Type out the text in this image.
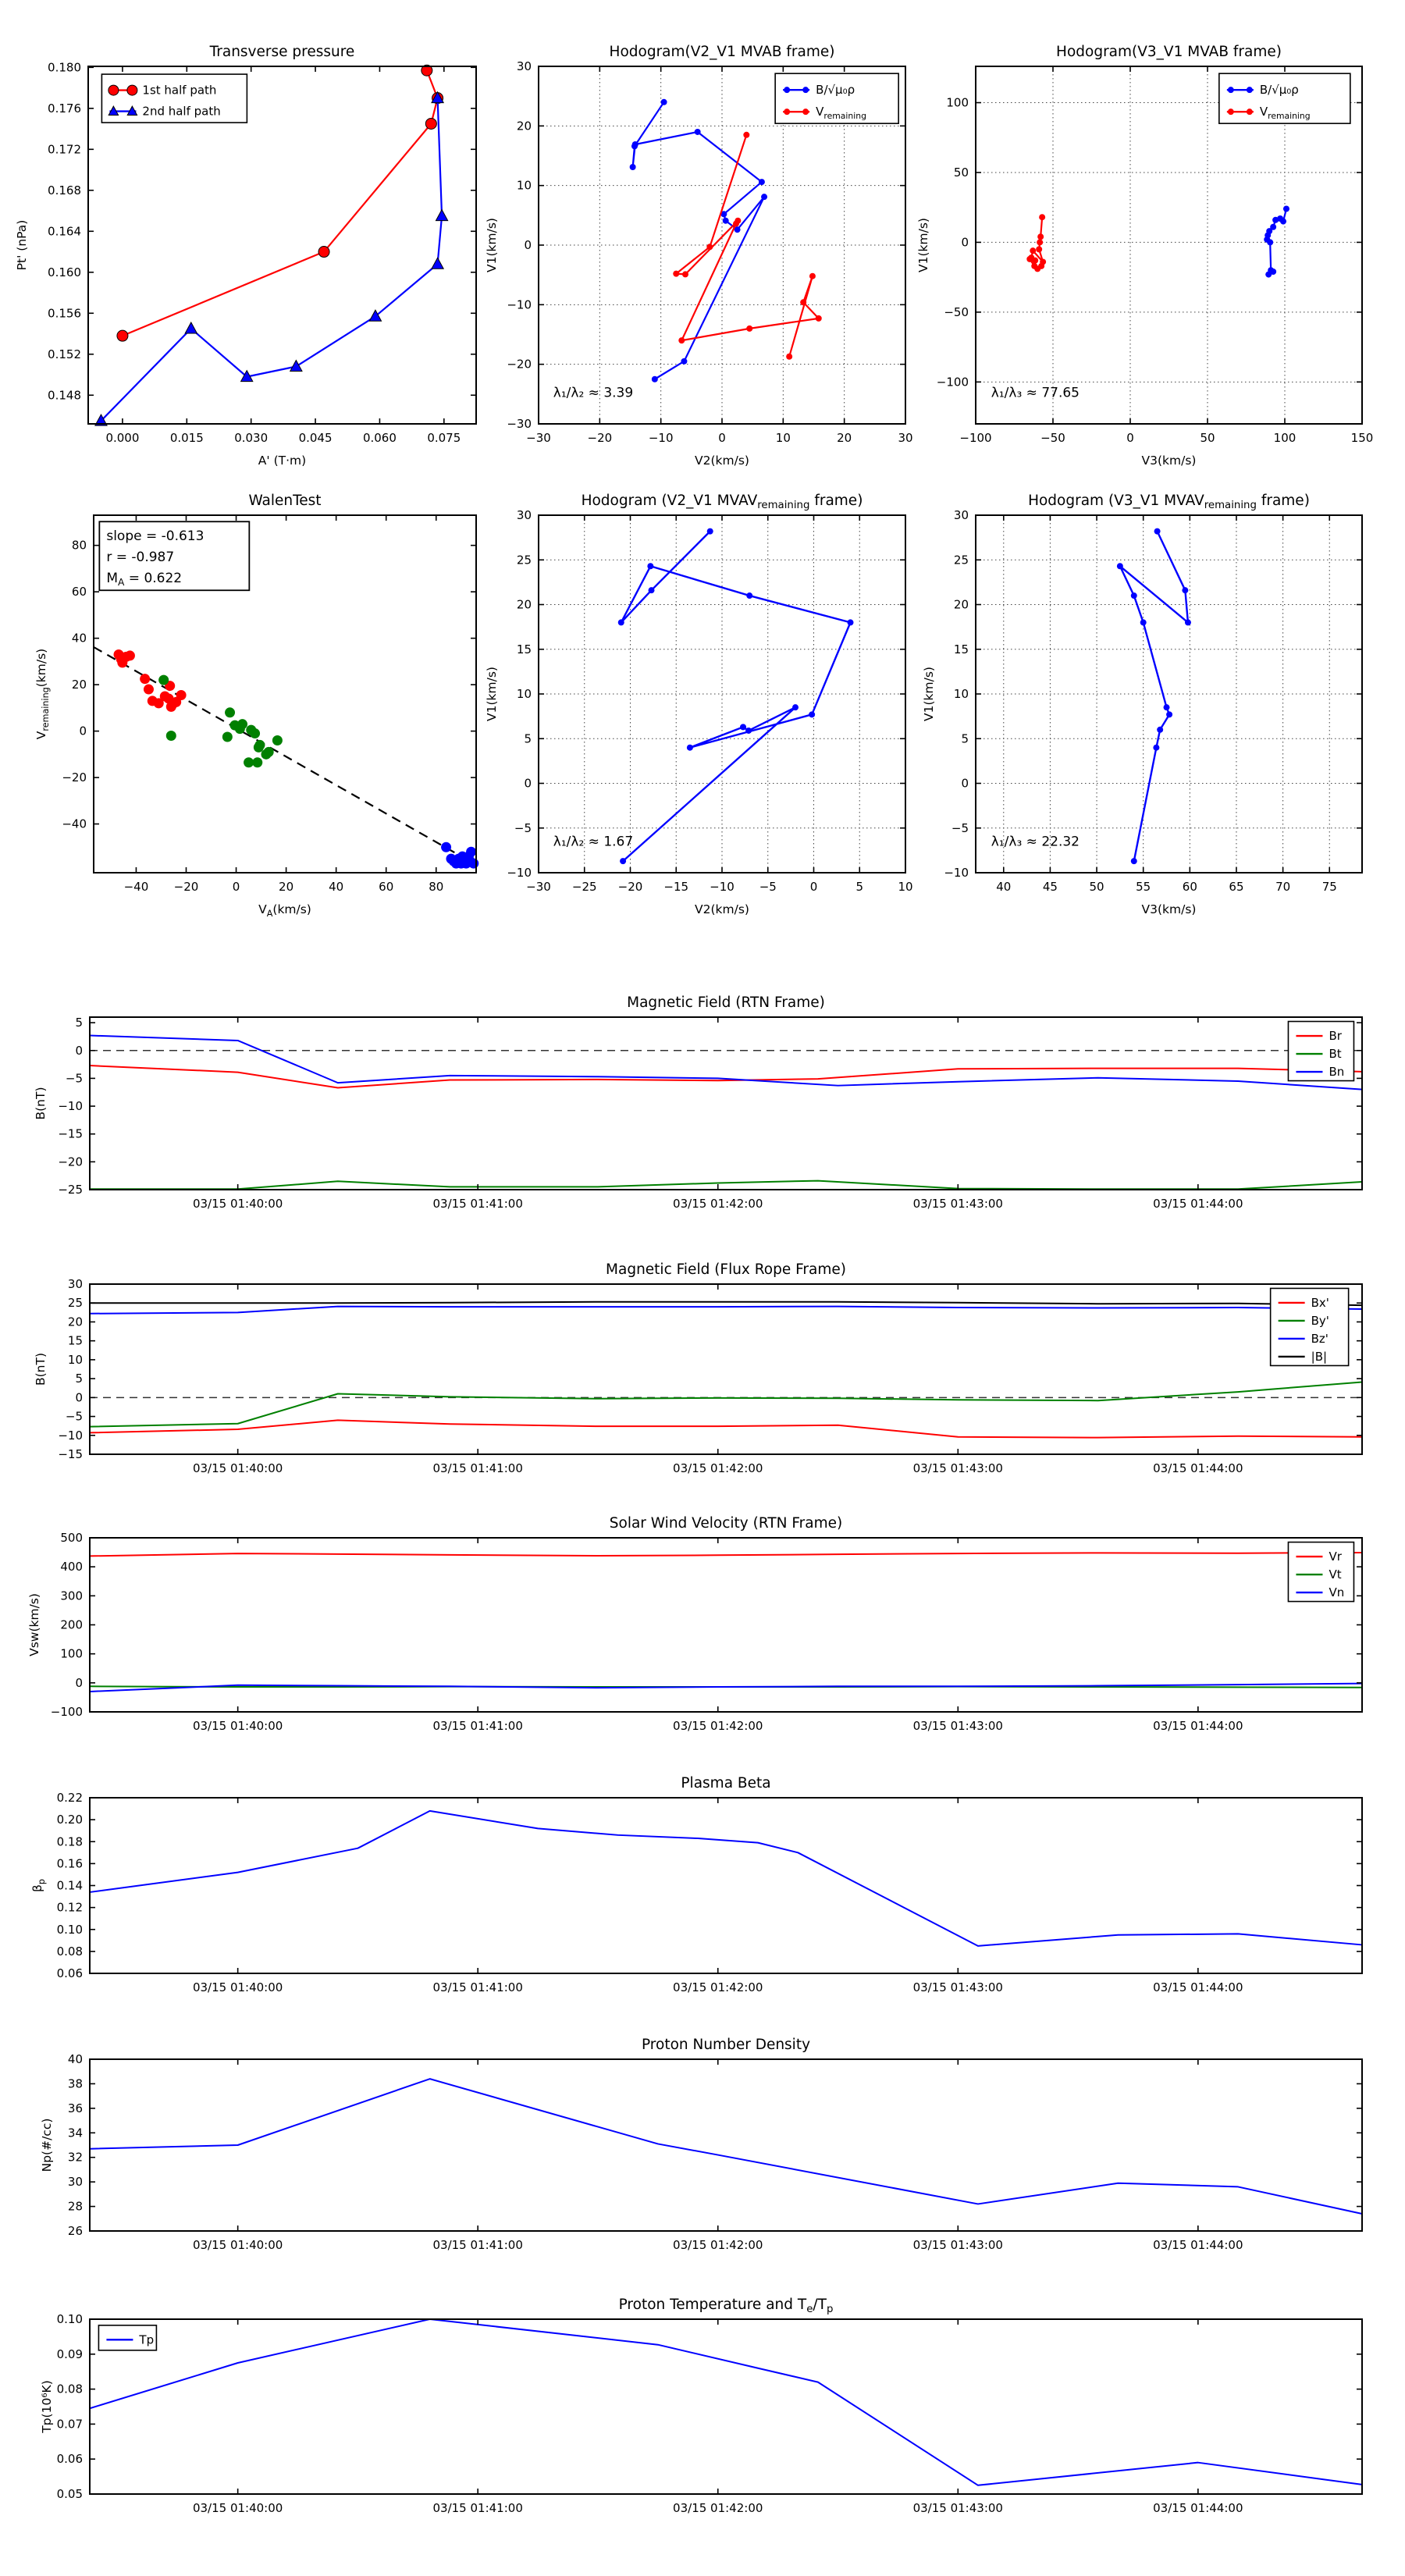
0.000	0.015	0.030	0.045	0.060	0.075
0.148
0.152
0.156
0.160
0.164
0.168
0.172
0.176
0.180
Transverse pressure
A' (T·m)
Pt' (nPa)
1st half path
2nd half path
−30	−20	−10	0	10	20	30
−30
−20
−10
0
10
20
30
Hodogram(V2_V1 MVAB frame)
V2(km/s)
V1(km/s)
B/√μ₀ρ
$V_{remaining}$
λ₁/λ₂ ≈ 3.39
−100	−50	0	50	100	150
−100
−50
0
50
100
Hodogram(V3_V1 MVAB frame)
V3(km/s)
V1(km/s)
B/√μ₀ρ
$V_{remaining}$
λ₁/λ₃ ≈ 77.65
−40 −20	0	20	40	60	80
−40
−20
0
20
40
60
80
WalenTest
$V_A(km/s)$
$V_{remaining}(km/s)$
slope = -0.613
r = -0.987
$M_A = 0.622$
−30 −25 −20 −15 −10 −5	0	5	10
−10
−5
0
5
10
15
20
25
30
Hodogram (V2_V1 $MVAV_{remaining}$ frame)
V2(km/s)
V1(km/s)
λ₁/λ₂ ≈ 1.67
40	45	50	55	60	65	70	75
−10
−5
0
5
10
15
20
25
30
Hodogram (V3_V1 $MVAV_{remaining}$ frame)
V3(km/s)
V1(km/s)
λ₁/λ₃ ≈ 22.32
03/15 01:40:00	03/15 01:41:00	03/15 01:42:00	03/15 01:43:00	03/15 01:44:00
5
0
−5
−10
−15
−20
−25
Magnetic Field (RTN Frame)
B(nT)
Br
Bt
Bn
03/15 01:40:00	03/15 01:41:00	03/15 01:42:00	03/15 01:43:00	03/15 01:44:00
30
25
20
15
10
5
0
−5
−10
−15
Magnetic Field (Flux Rope Frame)
B(nT)
Bx'
By'
Bz'
|B|
03/15 01:40:00	03/15 01:41:00	03/15 01:42:00	03/15 01:43:00	03/15 01:44:00
500
400
300
200
100
0
−100
Solar Wind Velocity (RTN Frame)
Vsw(km/s)
Vr
Vt
Vn
03/15 01:40:00	03/15 01:41:00	03/15 01:42:00	03/15 01:43:00	03/15 01:44:00
0.22
0.20
0.18
0.16
0.14
0.12
0.10
0.08
0.06
Plasma Beta
$\beta_p$
03/15 01:40:00	03/15 01:41:00	03/15 01:42:00	03/15 01:43:00	03/15 01:44:00
40
38
36
34
32
30
28
26
Proton Number Density
Np(#/cc)
03/15 01:40:00	03/15 01:41:00	03/15 01:42:00	03/15 01:43:00	03/15 01:44:00
0.10
0.09
0.08
0.07
0.06
0.05
Proton Temperature and $T_e/T_p$
Tp(10⁶K)
Tp
